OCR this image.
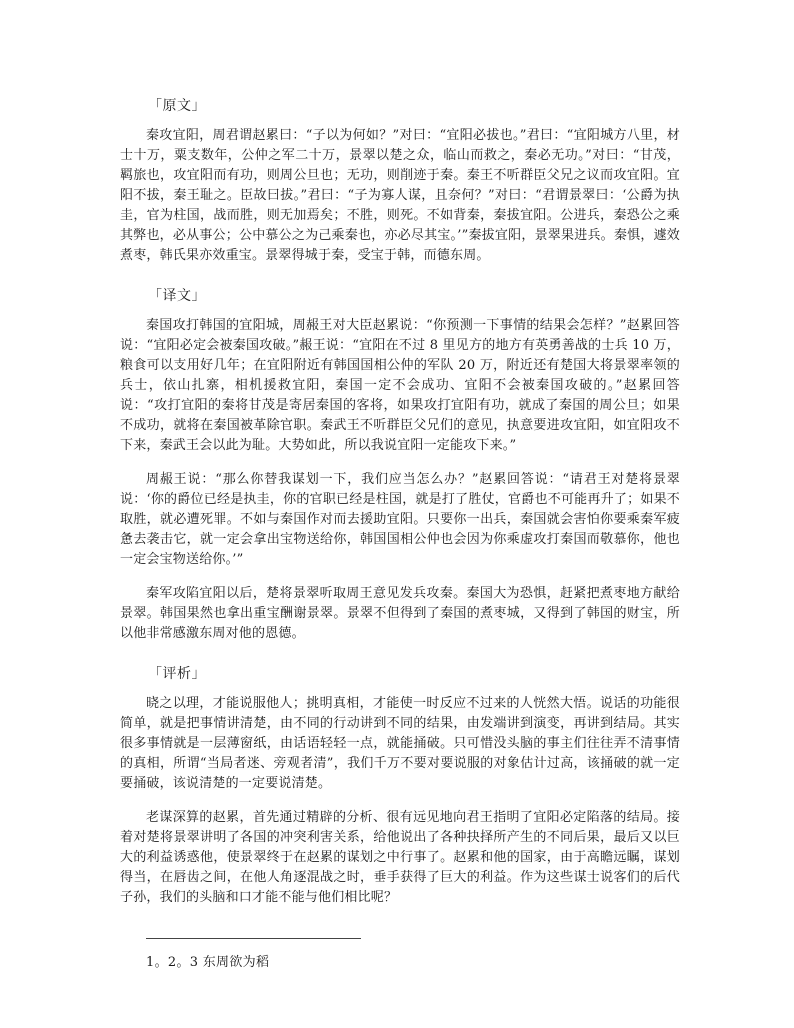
「原文」

秦攻宜阳，周君谓赵累曰：“子以为何如？”对曰：“宜阳必拔也。”君曰：“宜阳城方八里，材士十万，粟支数年，公仲之军二十万，景翠以楚之众，临山而救之，秦必无功。”对曰：“甘茂，羁旅也，攻宜阳而有功，则周公旦也；无功，则削迹于秦。秦王不听群臣父兄之议而攻宜阳。宜阳不拔，秦王耻之。臣故曰拔。”君曰：“子为寡人谋，且奈何？”对曰：“君谓景翠曰：‘公爵为执圭，官为柱国，战而胜，则无加焉矣；不胜，则死。不如背秦，秦拔宜阳。公进兵，秦恐公之乘其弊也，必从事公；公中慕公之为己乘秦也，亦必尽其宝。’”秦拔宜阳，景翠果进兵。秦惧，遽效煮枣，韩氏果亦效重宝。景翠得城于秦，受宝于韩，而德东周。

「译文」

秦国攻打韩国的宜阳城，周赧王对大臣赵累说：“你预测一下事情的结果会怎样？”赵累回答说：“宜阳必定会被秦国攻破。”赧王说：“宜阳在不过 8 里见方的地方有英勇善战的士兵 10 万，粮食可以支用好几年；在宜阳附近有韩国国相公仲的军队 20 万，附近还有楚国大将景翠率领的兵士，依山扎寨，相机援救宜阳，秦国一定不会成功、宜阳不会被秦国攻破的。”赵累回答说：“攻打宜阳的秦将甘茂是寄居秦国的客将，如果攻打宜阳有功，就成了秦国的周公旦；如果不成功，就将在秦国被革除官职。秦武王不听群臣父兄们的意见，执意要进攻宜阳，如宜阳攻不下来，秦武王会以此为耻。大势如此，所以我说宜阳一定能攻下来。”

周赧王说：“那么你替我谋划一下，我们应当怎么办？”赵累回答说：“请君王对楚将景翠说：‘你的爵位已经是执圭，你的官职已经是柱国，就是打了胜仗，官爵也不可能再升了；如果不取胜，就必遭死罪。不如与秦国作对而去援助宜阳。只要你一出兵，秦国就会害怕你要乘秦军疲惫去袭击它，就一定会拿出宝物送给你，韩国国相公仲也会因为你乘虚攻打秦国而敬慕你，他也一定会宝物送给你。’”

秦军攻陷宜阳以后，楚将景翠听取周王意见发兵攻秦。秦国大为恐惧，赶紧把煮枣地方献给景翠。韩国果然也拿出重宝酬谢景翠。景翠不但得到了秦国的煮枣城，又得到了韩国的财宝，所以他非常感激东周对他的恩德。

「评析」

晓之以理，才能说服他人；挑明真相，才能使一时反应不过来的人恍然大悟。说话的功能很简单，就是把事情讲清楚，由不同的行动讲到不同的结果，由发端讲到演变，再讲到结局。其实很多事情就是一层薄窗纸，由话语轻轻一点，就能捅破。只可惜没头脑的事主们往往弄不清事情的真相，所谓“当局者迷、旁观者清”，我们千万不要对要说服的对象估计过高，该捅破的就一定要捅破，该说清楚的一定要说清楚。

老谋深算的赵累，首先通过精辟的分析、很有远见地向君王指明了宜阳必定陷落的结局。接着对楚将景翠讲明了各国的冲突利害关系，给他说出了各种抉择所产生的不同后果，最后又以巨大的利益诱惑他，使景翠终于在赵累的谋划之中行事了。赵累和他的国家，由于高瞻远瞩，谋划得当，在唇齿之间，在他人角逐混战之时，垂手获得了巨大的利益。作为这些谋士说客们的后代子孙，我们的头脑和口才能不能与他们相比呢？

1。2。3 东周欲为稻
